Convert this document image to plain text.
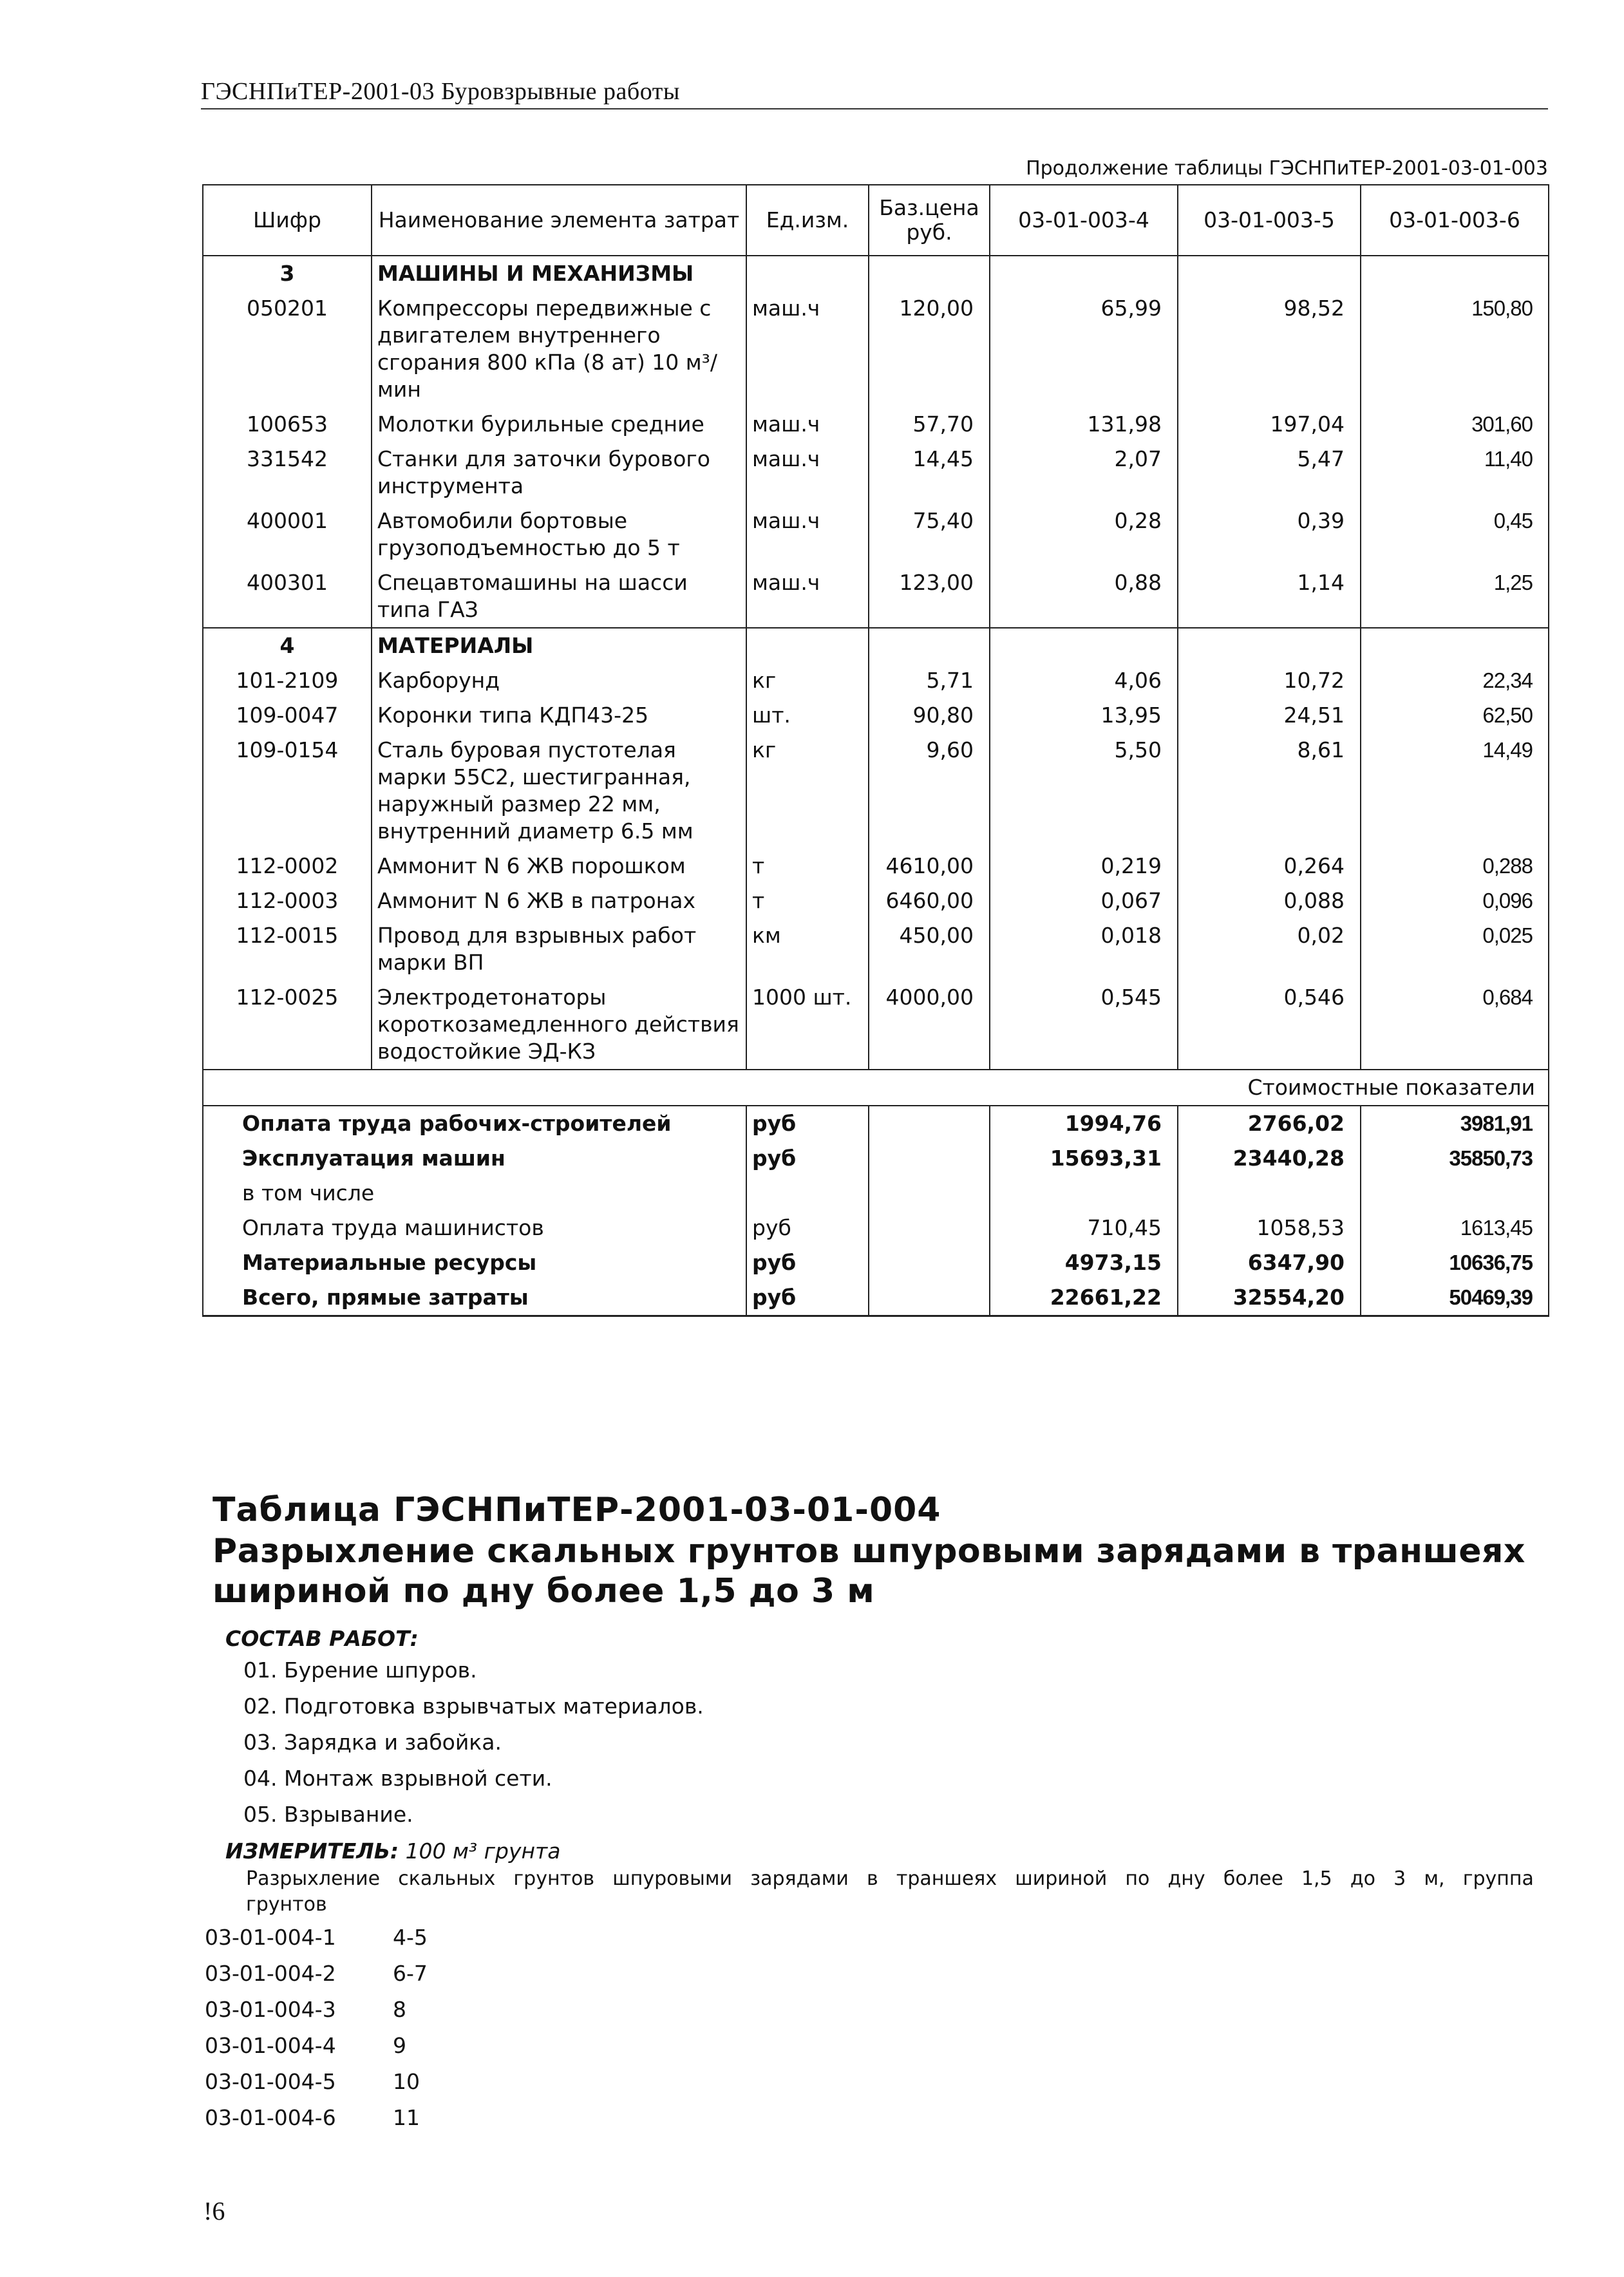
ГЭСНПиТЕР-2001-03 Буровзрывные работы
Продолжение таблицы ГЭСНПиТЕР-2001-03-01-003
Шифр	Наименование элемента затрат	Ед.изм.	Баз.цена руб.	03-01-003-4	03-01-003-5	03-01-003-6
3	МАШИНЫ И МЕХАНИЗМЫ					
050201	Компрессоры передвижные с двигателем внутреннего сгорания 800 кПа (8 ат) 10 м³/мин	маш.ч	120,00	65,99	98,52	150,80
100653	Молотки бурильные средние	маш.ч	57,70	131,98	197,04	301,60
331542	Станки для заточки бурового инструмента	маш.ч	14,45	2,07	5,47	11,40
400001	Автомобили бортовые грузоподъемностью до 5 т	маш.ч	75,40	0,28	0,39	0,45
400301	Спецавтомашины на шасси типа ГАЗ	маш.ч	123,00	0,88	1,14	1,25
4	МАТЕРИАЛЫ					
101-2109	Карборунд	кг	5,71	4,06	10,72	22,34
109-0047	Коронки типа КДП43-25	шт.	90,80	13,95	24,51	62,50
109-0154	Сталь буровая пустотелая марки 55С2, шестигранная, наружный размер 22 мм, внутренний диаметр 6.5 мм	кг	9,60	5,50	8,61	14,49
112-0002	Аммонит N 6 ЖВ порошком	т	4610,00	0,219	0,264	0,288
112-0003	Аммонит N 6 ЖВ в патронах	т	6460,00	0,067	0,088	0,096
112-0015	Провод для взрывных работ марки ВП	км	450,00	0,018	0,02	0,025
112-0025	Электродетонаторы короткозамедленного действия водостойкие ЭД-КЗ	1000 шт.	4000,00	0,545	0,546	0,684
Стоимостные показатели						
Оплата труда рабочих-строителей		руб		1994,76	2766,02	3981,91
Эксплуатация машин		руб		15693,31	23440,28	35850,73
в том числе						
Оплата труда машинистов		руб		710,45	1058,53	1613,45
Материальные ресурсы		руб		4973,15	6347,90	10636,75
Всего, прямые затраты		руб		22661,22	32554,20	50469,39
Таблица ГЭСНПиТЕР-2001-03-01-004
Разрыхление скальных грунтов шпуровыми зарядами в траншеях шириной по дну более 1,5 до 3 м
СОСТАВ РАБОТ:
01. Бурение шпуров.
02. Подготовка взрывчатых материалов.
03. Зарядка и забойка.
04. Монтаж взрывной сети.
05. Взрывание.
ИЗМЕРИТЕЛЬ: 100 м³ грунта
Разрыхление скальных грунтов шпуровыми зарядами в траншеях шириной по дну более 1,5 до 3 м, группа
грунтов
03-01-004-1	4-5
03-01-004-2	6-7
03-01-004-3	8
03-01-004-4	9
03-01-004-5	10
03-01-004-6	11
!6
